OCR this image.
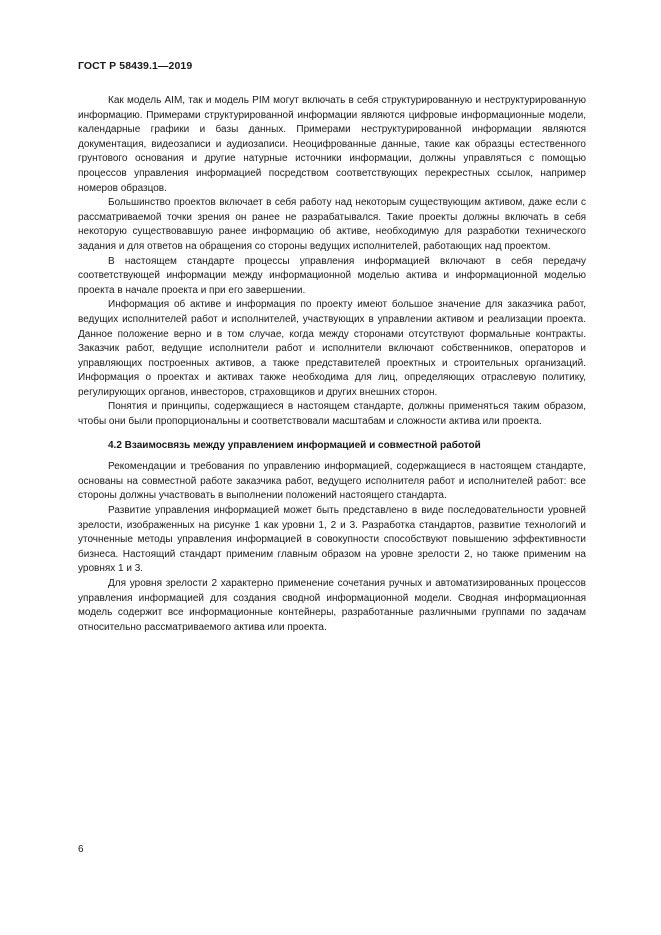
ГОСТ Р 58439.1—2019

Как модель AIM, так и модель PIM могут включать в себя структурированную и неструктурированную информацию. Примерами структурированной информации являются цифровые информационные модели, календарные графики и базы данных. Примерами неструктурированной информации являются документация, видеозаписи и аудиозаписи. Неоцифрованные данные, такие как образцы естественного грунтового основания и другие натурные источники информации, должны управляться с помощью процессов управления информацией посредством соответствующих перекрестных ссылок, например номеров образцов.

Большинство проектов включает в себя работу над некоторым существующим активом, даже если с рассматриваемой точки зрения он ранее не разрабатывался. Такие проекты должны включать в себя некоторую существовавшую ранее информацию об активе, необходимую для разработки технического задания и для ответов на обращения со стороны ведущих исполнителей, работающих над проектом.

В настоящем стандарте процессы управления информацией включают в себя передачу соответствующей информации между информационной моделью актива и информационной моделью проекта в начале проекта и при его завершении.

Информация об активе и информация по проекту имеют большое значение для заказчика работ, ведущих исполнителей работ и исполнителей, участвующих в управлении активом и реализации проекта. Данное положение верно и в том случае, когда между сторонами отсутствуют формальные контракты. Заказчик работ, ведущие исполнители работ и исполнители включают собственников, операторов и управляющих построенных активов, а также представителей проектных и строительных организаций. Информация о проектах и активах также необходима для лиц, определяющих отраслевую политику, регулирующих органов, инвесторов, страховщиков и других внешних сторон.

Понятия и принципы, содержащиеся в настоящем стандарте, должны применяться таким образом, чтобы они были пропорциональны и соответствовали масштабам и сложности актива или проекта.

4.2 Взаимосвязь между управлением информацией и совместной работой

Рекомендации и требования по управлению информацией, содержащиеся в настоящем стандарте, основаны на совместной работе заказчика работ, ведущего исполнителя работ и исполнителей работ: все стороны должны участвовать в выполнении положений настоящего стандарта.

Развитие управления информацией может быть представлено в виде последовательности уровней зрелости, изображенных на рисунке 1 как уровни 1, 2 и 3. Разработка стандартов, развитие технологий и уточненные методы управления информацией в совокупности способствуют повышению эффективности бизнеса. Настоящий стандарт применим главным образом на уровне зрелости 2, но также применим на уровнях 1 и 3.

Для уровня зрелости 2 характерно применение сочетания ручных и автоматизированных процессов управления информацией для создания сводной информационной модели. Сводная информационная модель содержит все информационные контейнеры, разработанные различными группами по задачам относительно рассматриваемого актива или проекта.

6
